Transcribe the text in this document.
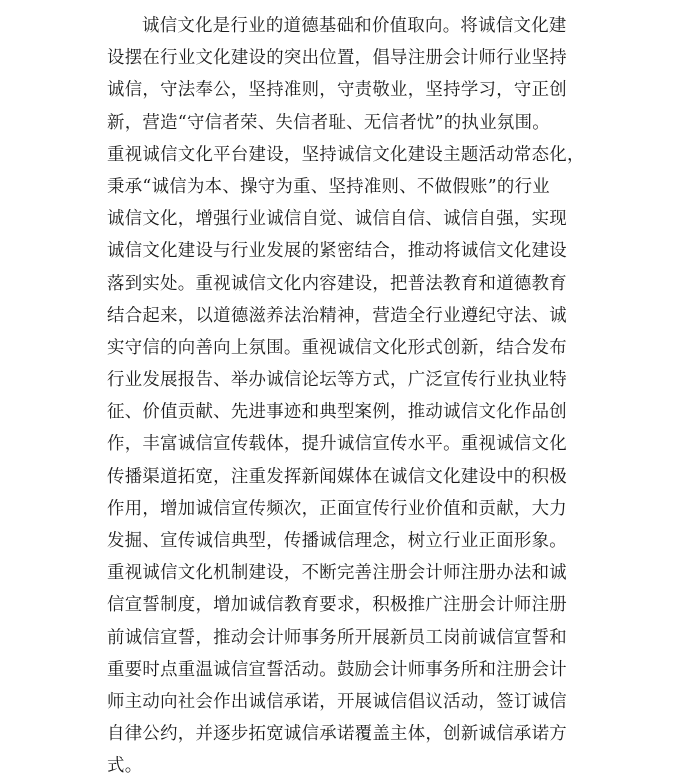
诚信文化是行业的道德基础和价值取向。将诚信文化建
设摆在行业文化建设的突出位置，倡导注册会计师行业坚持
诚信，守法奉公，坚持准则，守责敬业，坚持学习，守正创
新，营造“守信者荣、失信者耻、无信者忧”的执业氛围。
重视诚信文化平台建设，坚持诚信文化建设主题活动常态化，
秉承“诚信为本、操守为重、坚持准则、不做假账”的行业
诚信文化，增强行业诚信自觉、诚信自信、诚信自强，实现
诚信文化建设与行业发展的紧密结合，推动将诚信文化建设
落到实处。重视诚信文化内容建设，把普法教育和道德教育
结合起来，以道德滋养法治精神，营造全行业遵纪守法、诚
实守信的向善向上氛围。重视诚信文化形式创新，结合发布
行业发展报告、举办诚信论坛等方式，广泛宣传行业执业特
征、价值贡献、先进事迹和典型案例，推动诚信文化作品创
作，丰富诚信宣传载体，提升诚信宣传水平。重视诚信文化
传播渠道拓宽，注重发挥新闻媒体在诚信文化建设中的积极
作用，增加诚信宣传频次，正面宣传行业价值和贡献，大力
发掘、宣传诚信典型，传播诚信理念，树立行业正面形象。
重视诚信文化机制建设，不断完善注册会计师注册办法和诚
信宣誓制度，增加诚信教育要求，积极推广注册会计师注册
前诚信宣誓，推动会计师事务所开展新员工岗前诚信宣誓和
重要时点重温诚信宣誓活动。鼓励会计师事务所和注册会计
师主动向社会作出诚信承诺，开展诚信倡议活动，签订诚信
自律公约，并逐步拓宽诚信承诺覆盖主体，创新诚信承诺方
式。
